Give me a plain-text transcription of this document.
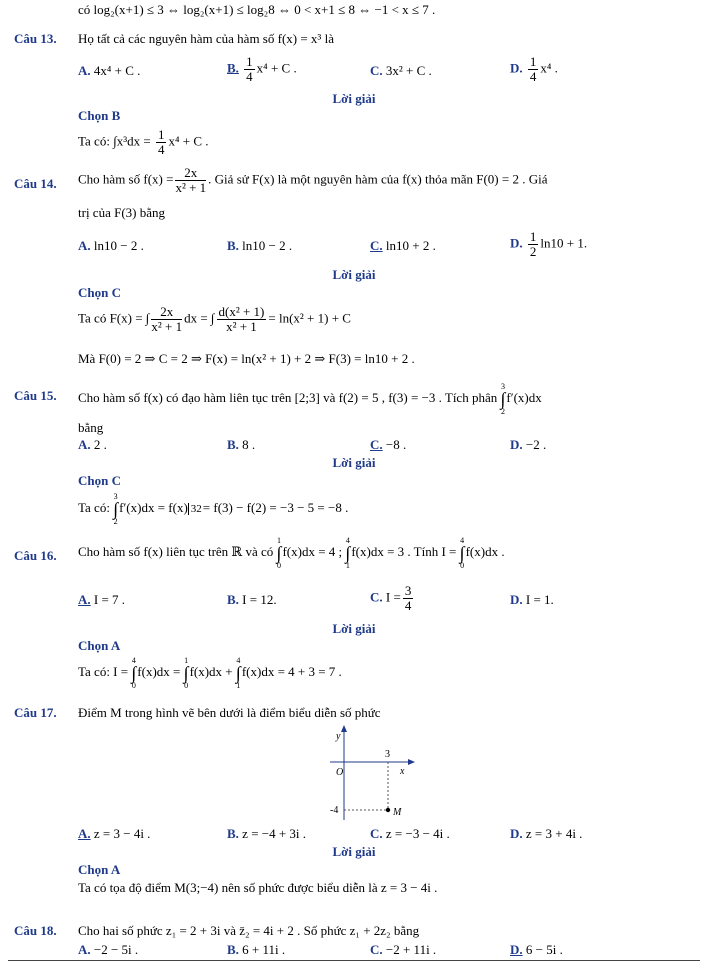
có log₂(x+1) ≤ 3 ⇔ log₂(x+1) ≤ log₂8 ⇔ 0 < x+1 ≤ 8 ⇔ −1 < x ≤ 7 .
Câu 13. Họ tất cả các nguyên hàm của hàm số f(x) = x³ là
A. 4x⁴ + C .	B. $\frac{1}{4} x^4 + C$ .	C. 3x² + C .	D. $\frac{1}{4} x^4$ .
Lời giải
Chọn B
Ta có: $\int x^3dx = \frac{1}{4} x^4 + C$ .
Câu 14. Cho hàm số $f(x) = \frac{2x}{\text{x² + 1}}$ . Giả sử F(x) là một nguyên hàm của f(x) thỏa mãn F(0) = 2 . Giá
trị của F(3) bằng
A. ln10 − 2 .	B. ln10 − 2 .	C. ln10 + 2 .	D. $\frac{1}{2} \ln 10 + 1$.
Lời giải
Chọn C
Ta có F(x) = ∫ $\frac{2x}{\text{x² + 1}}$ dx = ∫ $\frac{\text{d(x² + 1)}}{\text{x² + 1}} = \ln(x^2 + 1) + C$
Mà F(0) = 2 ⇒ C = 2 ⇒ F(x) = ln(x² + 1) + 2 ⇒ F(3) = ln10 + 2 .
Câu 15. Cho hàm số f(x) có đạo hàm liên tục trên [2;3] và f(2) = 5 , f(3) = −3 . Tích phân 3
∫
2f′(x)dx
bằng
A. 2 .	B. 8 .	C. −8 .	D. −2 .
Lời giải
Chọn C
Ta có: 3
∫
2f′(x)dx = f(x) 32= f(3) − f(2) = −3 − 5 = −8 .
Câu 16. Cho hàm số f(x) liên tục trên ℝ và có 1
∫
0f(x)dx = 4 ; 4
∫
1f(x)dx = 3 . Tính I = 4
∫
0f(x)dx .
A. I = 7 .	B. I = 12.	C. $I = \frac{3}{4}$	D. I = 1.
Lời giải
Chọn A
Ta có: I = 4
∫
0f(x)dx = 1
∫
0f(x)dx + 4
∫
1f(x)dx = 4 + 3 = 7 .
Câu 17. Điểm M trong hình vẽ bên dưới là điểm biểu diễn số phức
y
x
O
3
-4	M
A. z = 3 − 4i .	B. z = −4 + 3i .	C. z = −3 − 4i .	D. z = 3 + 4i .
Lời giải
Chọn A
Ta có tọa độ điểm M(3;−4) nên số phức được biểu diễn là z = 3 − 4i .
Câu 18. Cho hai số phức z₁ = 2 + 3i và z̄₂ = 4i + 2 . Số phức z₁ + 2z₂ bằng
A. −2 − 5i .	B. 6 + 11i .	C. −2 + 11i .	D. 6 − 5i .
